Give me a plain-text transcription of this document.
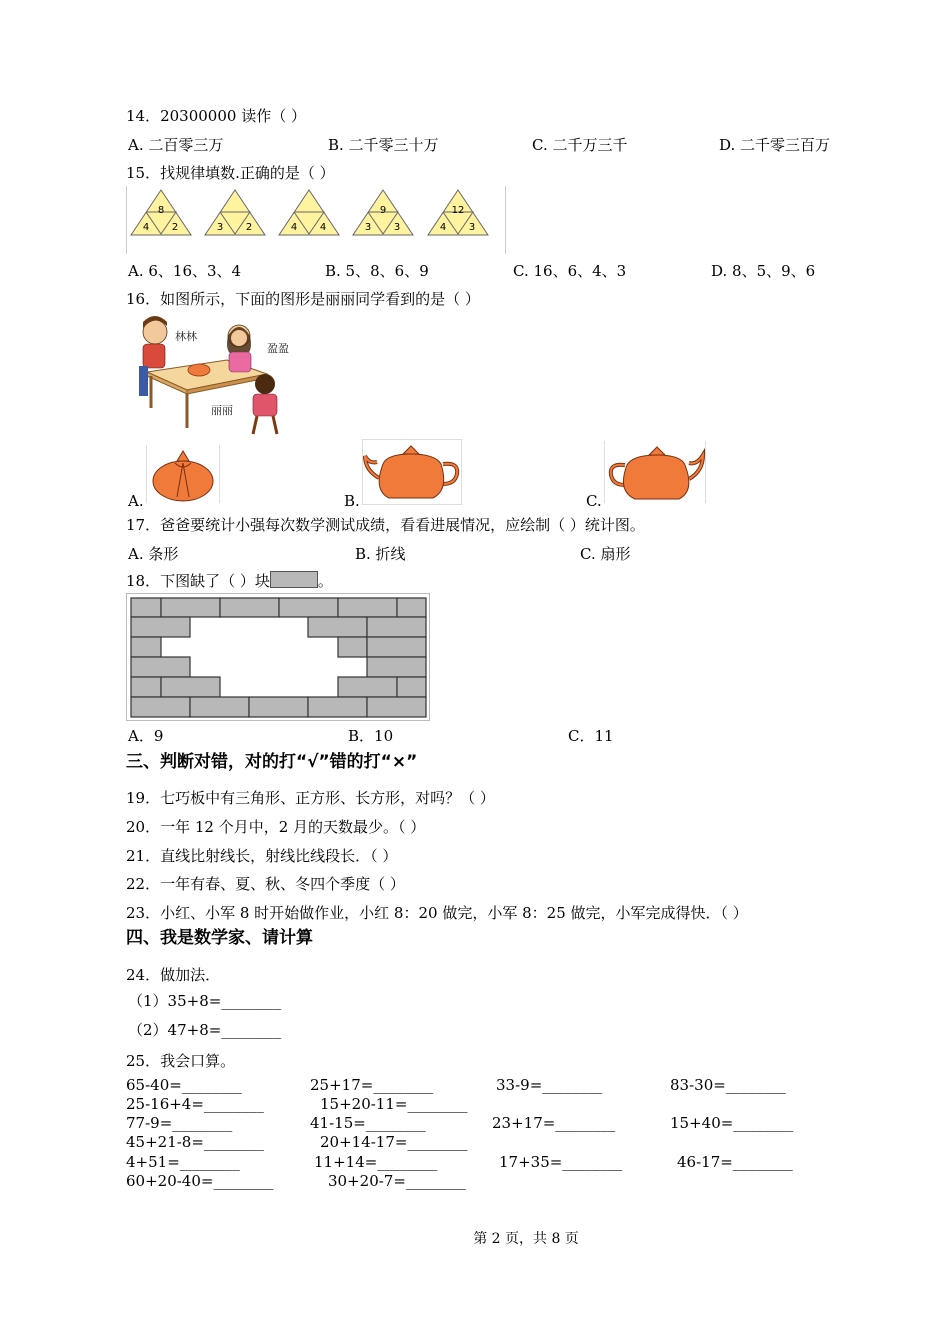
14．20300000 读作（ ）
A. 二百零三万	B. 二千零三十万	C. 二千万三千	D. 二千零三百万
15．找规律填数.正确的是（ ）
8
4 2	3 2	4 4
9
3 3
12
4 3
A. 6、16、3、4	B. 5、8、6、9	C. 16、6、4、3	D. 8、5、9、6
16．如图所示，下面的图形是丽丽同学看到的是（ ）
林林
盈盈
丽丽
A.	B.	C.
17．爸爸要统计小强每次数学测试成绩，看看进展情况，应绘制（ ）统计图。
A. 条形	B. 折线	C. 扇形
18．下图缺了（ ）块	。
A．9	B．10	C．11
三、判断对错，对的打“√”错的打“×”
19．七巧板中有三角形、正方形、长方形，对吗？（ ）
20．一年 12 个月中，2 月的天数最少。（ ）
21．直线比射线长，射线比线段长．（ ）
22．一年有春、夏、秋、冬四个季度（ ）
23．小红、小军 8 时开始做作业，小红 8：20 做完，小军 8：25 做完，小军完成得快．（ ）
四、我是数学家、请计算
24．做加法．
（1）35+8=________
（2）47+8=________
25．我会口算。
65-40=________	25+17=________	33-9=________	83-30=________
25-16+4=________	15+20-11=________
77-9=________	41-15=________	23+17=________	15+40=________
45+21-8=________	20+14-17=________
4+51=________	11+14=________	17+35=________	46-17=________
60+20-40=________	30+20-7=________
第 2 页，共 8 页
